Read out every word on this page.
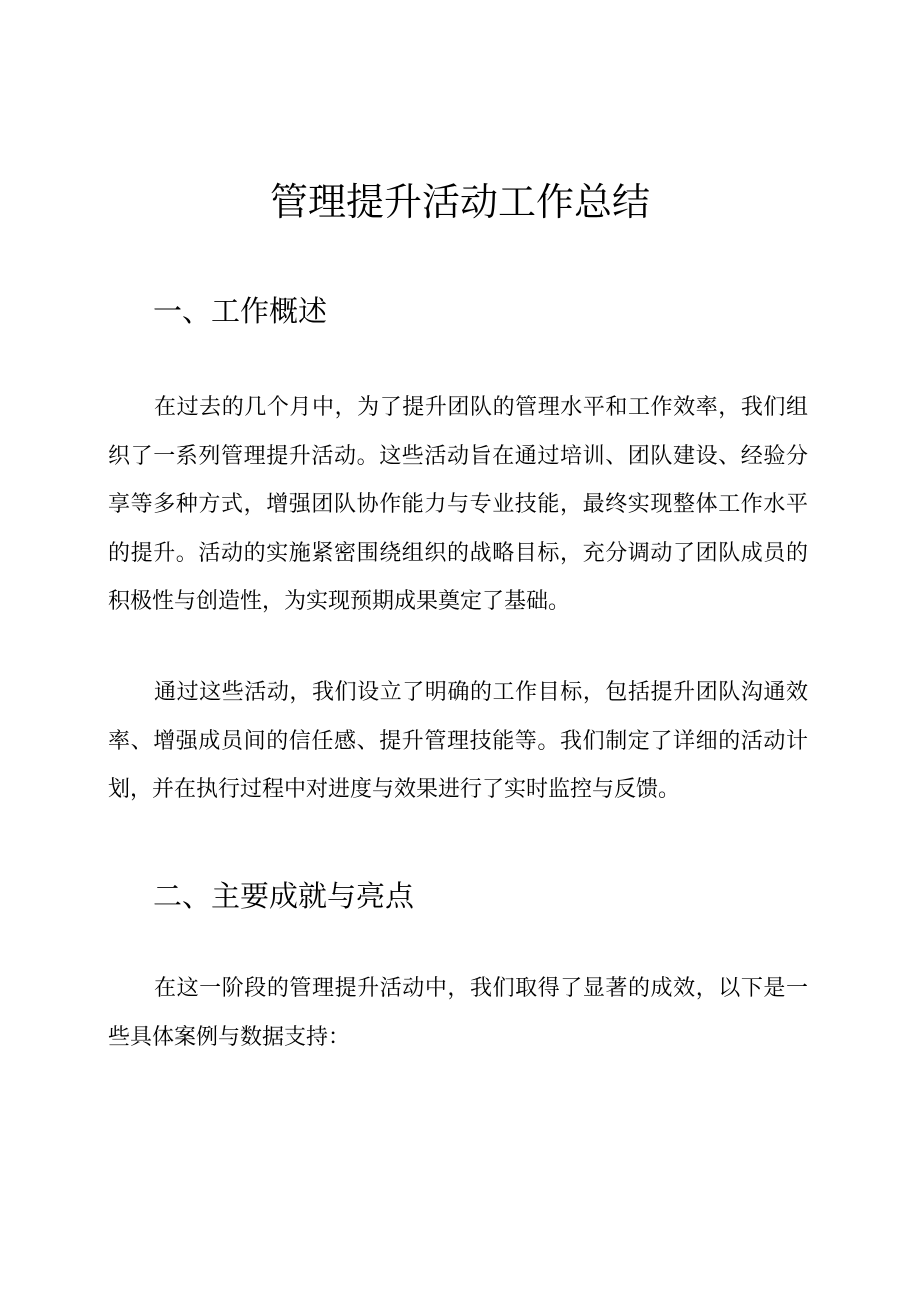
管理提升活动工作总结
一、工作概述

在过去的几个月中，为了提升团队的管理水平和工作效率，我们组织了一系列管理提升活动。这些活动旨在通过培训、团队建设、经验分享等多种方式，增强团队协作能力与专业技能，最终实现整体工作水平的提升。活动的实施紧密围绕组织的战略目标，充分调动了团队成员的积极性与创造性，为实现预期成果奠定了基础。

通过这些活动，我们设立了明确的工作目标，包括提升团队沟通效率、增强成员间的信任感、提升管理技能等。我们制定了详细的活动计划，并在执行过程中对进度与效果进行了实时监控与反馈。

二、主要成就与亮点

在这一阶段的管理提升活动中，我们取得了显著的成效，以下是一些具体案例与数据支持：
